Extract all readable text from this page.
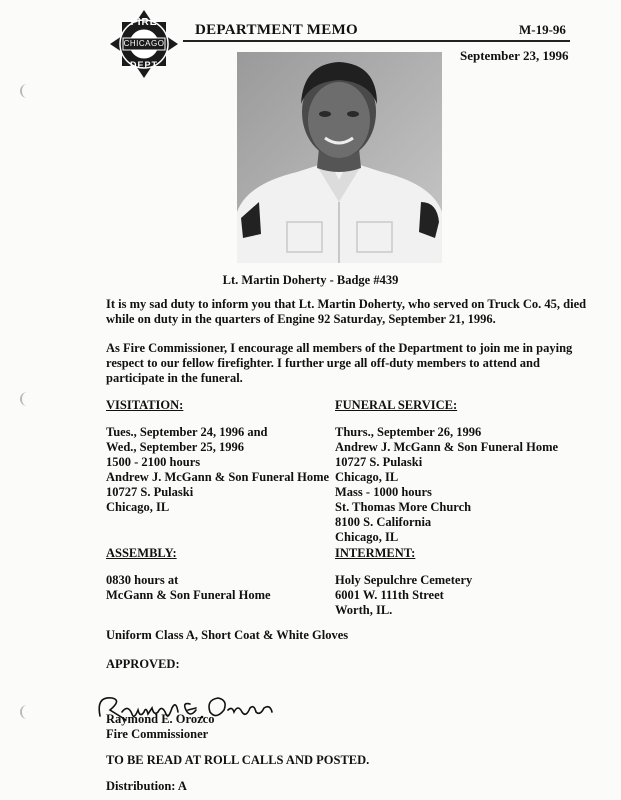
FIRE
CHICAGO
DEPT
DEPARTMENT MEMO	M-19-96
September 23, 1996
Lt. Martin Doherty - Badge #439
It is my sad duty to inform you that Lt. Martin Doherty, who served on Truck Co. 45, died
while on duty in the quarters of Engine 92 Saturday, September 21, 1996.
As Fire Commissioner, I encourage all members of the Department to join me in paying
respect to our fellow firefighter. I further urge all off-duty members to attend and
participate in the funeral.
VISITATION:
Tues., September 24, 1996 and
Wed., September 25, 1996
1500 - 2100 hours
Andrew J. McGann & Son Funeral Home
10727 S. Pulaski
Chicago, IL
FUNERAL SERVICE:
Thurs., September 26, 1996
Andrew J. McGann & Son Funeral Home
10727 S. Pulaski
Chicago, IL
Mass - 1000 hours
St. Thomas More Church
8100 S. California
Chicago, IL
ASSEMBLY:
0830 hours at
McGann & Son Funeral Home
INTERMENT:
Holy Sepulchre Cemetery
6001 W. 111th Street
Worth, IL.
Uniform Class A, Short Coat & White Gloves
APPROVED:
Raymond E. Orozco
Fire Commissioner
TO BE READ AT ROLL CALLS AND POSTED.
Distribution: A
